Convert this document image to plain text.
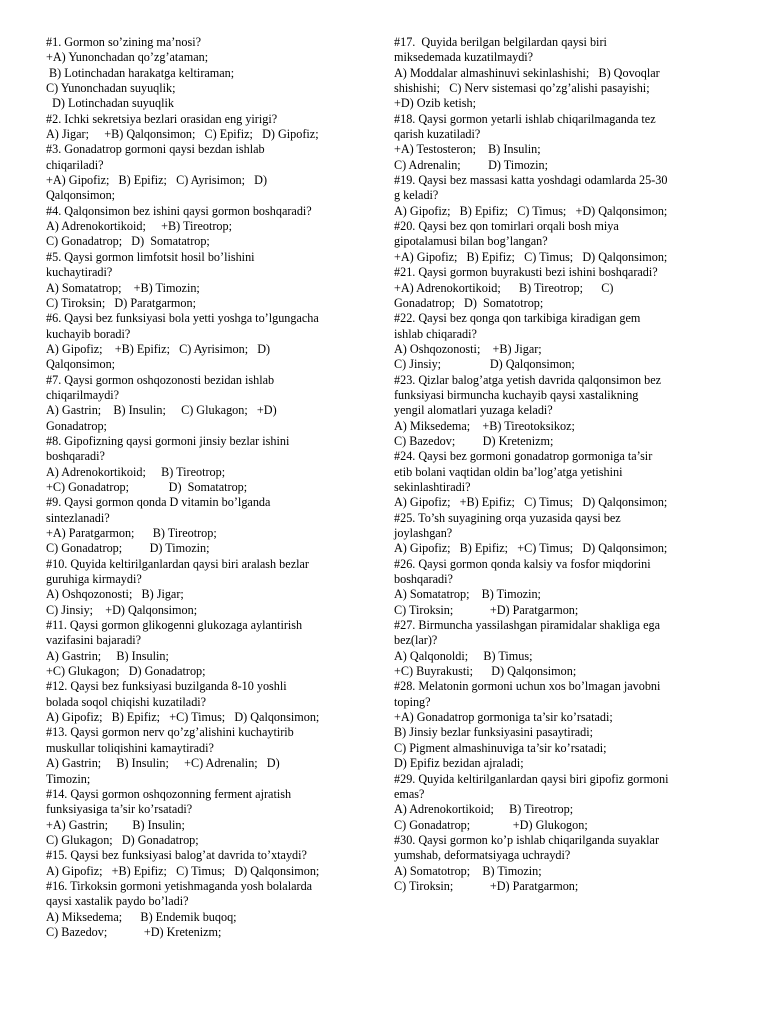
#1. Gormon so’zining ma’nosi?
+A) Yunonchadan qo’zg’ataman;
B) Lotinchadan harakatga keltiraman;
C) Yunonchadan suyuqlik;
D) Lotinchadan suyuqlik
#2. Ichki sekretsiya bezlari orasidan eng yirigi?
A) Jigar;     +B) Qalqonsimon;   C) Epifiz;   D) Gipofiz;
#3. Gonadatrop gormoni qaysi bezdan ishlab
chiqariladi?
+A) Gipofiz;   B) Epifiz;   C) Ayrisimon;   D)
Qalqonsimon;
#4. Qalqonsimon bez ishini qaysi gormon boshqaradi?
A) Adrenokortikoid;     +B) Tireotrop;
C) Gonadatrop;   D)  Somatatrop;
#5. Qaysi gormon limfotsit hosil bo’lishini
kuchaytiradi?
A) Somatatrop;    +B) Timozin;
C) Tiroksin;   D) Paratgarmon;
#6. Qaysi bez funksiyasi bola yetti yoshga to’lgungacha
kuchayib boradi?
A) Gipofiz;    +B) Epifiz;   C) Ayrisimon;   D)
Qalqonsimon;
#7. Qaysi gormon oshqozonosti bezidan ishlab
chiqarilmaydi?
A) Gastrin;    B) Insulin;     C) Glukagon;   +D)
Gonadatrop;
#8. Gipofizning qaysi gormoni jinsiy bezlar ishini
boshqaradi?
A) Adrenokortikoid;     B) Tireotrop;
+C) Gonadatrop;             D)  Somatatrop;
#9. Qaysi gormon qonda D vitamin bo’lganda
sintezlanadi?
+A) Paratgarmon;      B) Tireotrop;
C) Gonadatrop;         D) Timozin;
#10. Quyida keltirilganlardan qaysi biri aralash bezlar
guruhiga kirmaydi?
A) Oshqozonosti;   B) Jigar;
C) Jinsiy;    +D) Qalqonsimon;
#11. Qaysi gormon glikogenni glukozaga aylantirish
vazifasini bajaradi?
A) Gastrin;     B) Insulin;
+C) Glukagon;   D) Gonadatrop;
#12. Qaysi bez funksiyasi buzilganda 8-10 yoshli
bolada soqol chiqishi kuzatiladi?
A) Gipofiz;   B) Epifiz;   +C) Timus;   D) Qalqonsimon;
#13. Qaysi gormon nerv qo’zg’alishini kuchaytirib
muskullar toliqishini kamaytiradi?
A) Gastrin;     B) Insulin;     +C) Adrenalin;   D)
Timozin;
#14. Qaysi gormon oshqozonning ferment ajratish
funksiyasiga ta’sir ko’rsatadi?
+A) Gastrin;        B) Insulin;
C) Glukagon;   D) Gonadatrop;
#15. Qaysi bez funksiyasi balog’at davrida to’xtaydi?
A) Gipofiz;   +B) Epifiz;   C) Timus;   D) Qalqonsimon;
#16. Tirkoksin gormoni yetishmaganda yosh bolalarda
qaysi xastalik paydo bo’ladi?
A) Miksedema;      B) Endemik buqoq;
C) Bazedov;            +D) Kretenizm;
#17.  Quyida berilgan belgilardan qaysi biri
miksedemada kuzatilmaydi?
A) Moddalar almashinuvi sekinlashishi;   B) Qovoqlar
shishishi;   C) Nerv sistemasi qo’zg’alishi pasayishi;
+D) Ozib ketish;
#18. Qaysi gormon yetarli ishlab chiqarilmaganda tez
qarish kuzatiladi?
+A) Testosteron;    B) Insulin;
C) Adrenalin;         D) Timozin;
#19. Qaysi bez massasi katta yoshdagi odamlarda 25-30
g keladi?
A) Gipofiz;   B) Epifiz;   C) Timus;   +D) Qalqonsimon;
#20. Qaysi bez qon tomirlari orqali bosh miya
gipotalamusi bilan bog’langan?
+A) Gipofiz;   B) Epifiz;   C) Timus;   D) Qalqonsimon;
#21. Qaysi gormon buyrakusti bezi ishini boshqaradi?
+A) Adrenokortikoid;      B) Tireotrop;      C)
Gonadatrop;   D)  Somatotrop;
#22. Qaysi bez qonga qon tarkibiga kiradigan gem
ishlab chiqaradi?
A) Oshqozonosti;    +B) Jigar;
C) Jinsiy;                D) Qalqonsimon;
#23. Qizlar balog’atga yetish davrida qalqonsimon bez
funksiyasi birmuncha kuchayib qaysi xastalikning
yengil alomatlari yuzaga keladi?
A) Miksedema;    +B) Tireotoksikoz;
C) Bazedov;         D) Kretenizm;
#24. Qaysi bez gormoni gonadatrop gormoniga ta’sir
etib bolani vaqtidan oldin ba’log’atga yetishini
sekinlashtiradi?
A) Gipofiz;   +B) Epifiz;   C) Timus;   D) Qalqonsimon;
#25. To’sh suyagining orqa yuzasida qaysi bez
joylashgan?
A) Gipofiz;   B) Epifiz;   +C) Timus;   D) Qalqonsimon;
#26. Qaysi gormon qonda kalsiy va fosfor miqdorini
boshqaradi?
A) Somatatrop;    B) Timozin;
C) Tiroksin;            +D) Paratgarmon;
#27. Birmuncha yassilashgan piramidalar shakliga ega
bez(lar)?
A) Qalqonoldi;     B) Timus;
+C) Buyrakusti;      D) Qalqonsimon;
#28. Melatonin gormoni uchun xos bo’lmagan javobni
toping?
+A) Gonadatrop gormoniga ta’sir ko’rsatadi;
B) Jinsiy bezlar funksiyasini pasaytiradi;
C) Pigment almashinuviga ta’sir ko’rsatadi;
D) Epifiz bezidan ajraladi;
#29. Quyida keltirilganlardan qaysi biri gipofiz gormoni
emas?
A) Adrenokortikoid;     B) Tireotrop;
C) Gonadatrop;              +D) Glukogon;
#30. Qaysi gormon ko’p ishlab chiqarilganda suyaklar
yumshab, deformatsiyaga uchraydi?
A) Somatotrop;    B) Timozin;
C) Tiroksin;            +D) Paratgarmon;
